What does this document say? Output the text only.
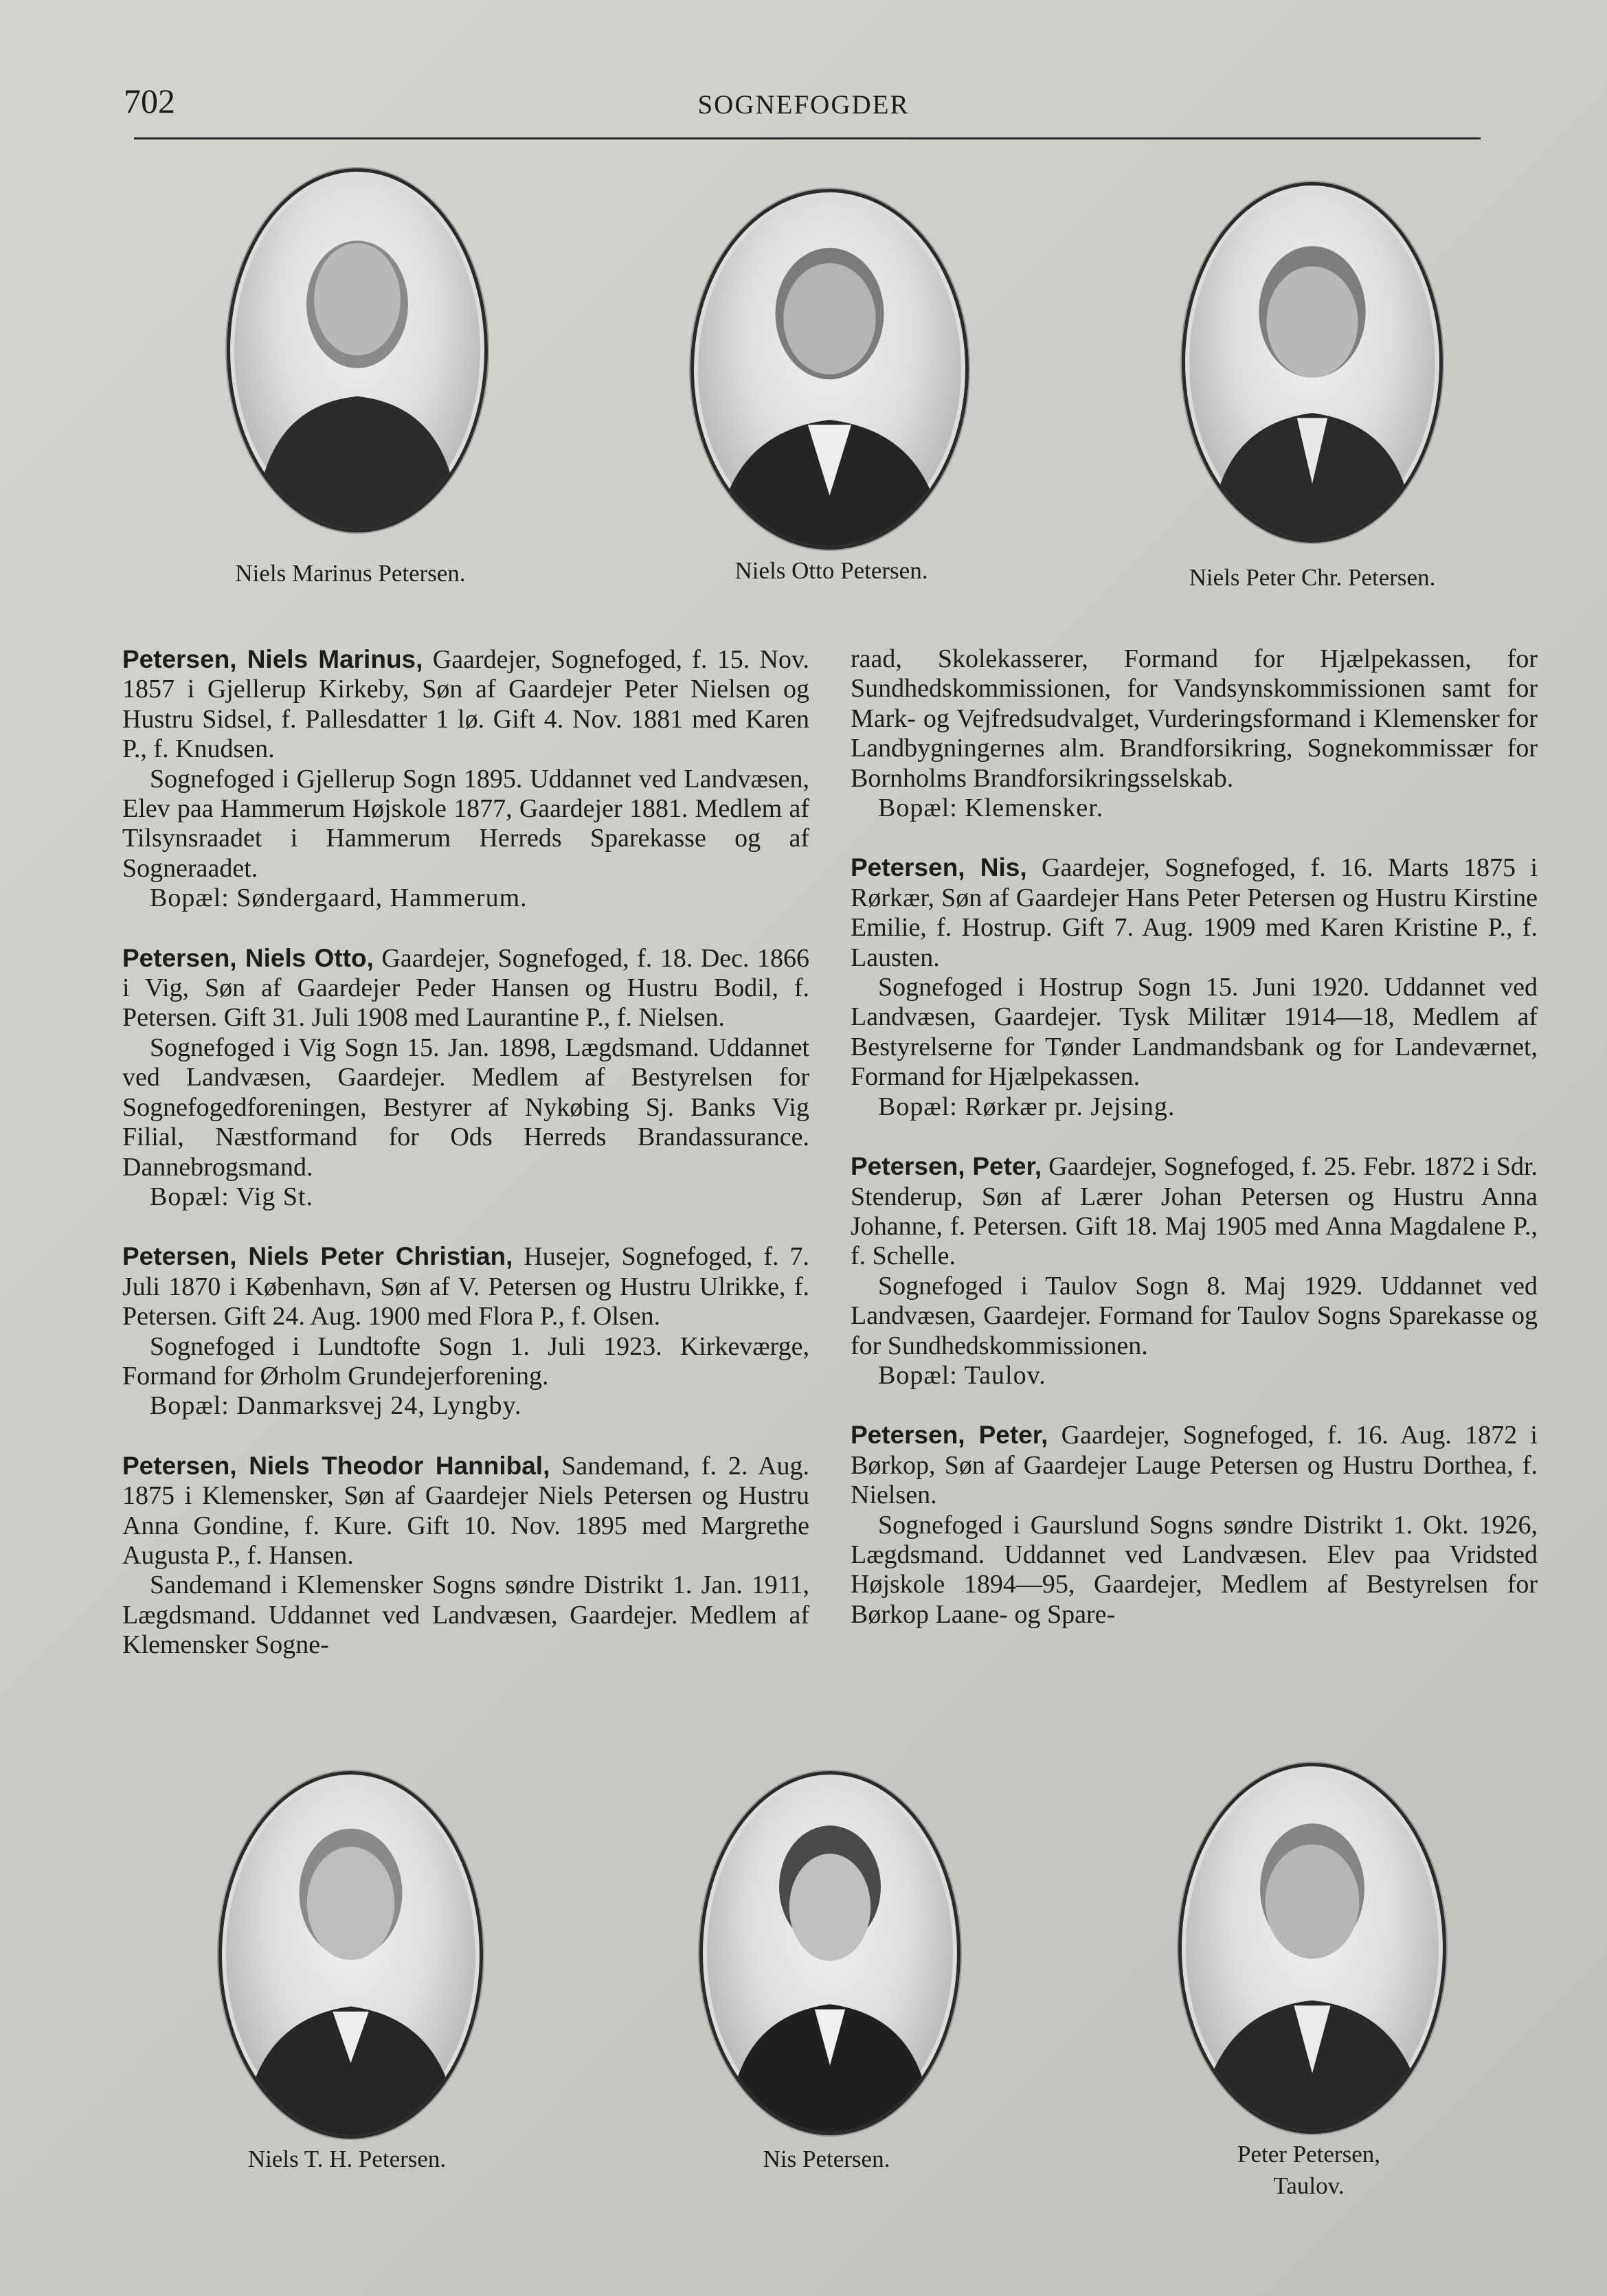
702	SOGNEFOGDER
Niels Marinus Petersen.	Niels Otto Petersen.	Niels Peter Chr. Petersen.

Petersen, Niels Marinus, Gaardejer, Sognefoged, f. 15. Nov. 1857 i Gjellerup Kirkeby, Søn af Gaardejer Peter Nielsen og Hustru Sidsel, f. Pallesdatter 1 lø. Gift 4. Nov. 1881 med Karen P., f. Knudsen.

Sognefoged i Gjellerup Sogn 1895. Uddannet ved Landvæsen, Elev paa Hammerum Højskole 1877, Gaardejer 1881. Medlem af Tilsynsraadet i Hammerum Herreds Sparekasse og af Sogneraadet.

Bopæl: Søndergaard, Hammerum.

Petersen, Niels Otto, Gaardejer, Sognefoged, f. 18. Dec. 1866 i Vig, Søn af Gaardejer Peder Hansen og Hustru Bodil, f. Petersen. Gift 31. Juli 1908 med Laurantine P., f. Nielsen.

Sognefoged i Vig Sogn 15. Jan. 1898, Lægdsmand. Uddannet ved Landvæsen, Gaardejer. Medlem af Bestyrelsen for Sognefogedforeningen, Bestyrer af Nykøbing Sj. Banks Vig Filial, Næstformand for Ods Herreds Brandassurance. Dannebrogsmand.

Bopæl: Vig St.

Petersen, Niels Peter Christian, Husejer, Sognefoged, f. 7. Juli 1870 i København, Søn af V. Petersen og Hustru Ulrikke, f. Petersen. Gift 24. Aug. 1900 med Flora P., f. Olsen.

Sognefoged i Lundtofte Sogn 1. Juli 1923. Kirkeværge, Formand for Ørholm Grundejerforening.

Bopæl: Danmarksvej 24, Lyngby.

Petersen, Niels Theodor Hannibal, Sandemand, f. 2. Aug. 1875 i Klemensker, Søn af Gaardejer Niels Petersen og Hustru Anna Gondine, f. Kure. Gift 10. Nov. 1895 med Margrethe Augusta P., f. Hansen.

Sandemand i Klemensker Sogns søndre Distrikt 1. Jan. 1911, Lægdsmand. Uddannet ved Landvæsen, Gaardejer. Medlem af Klemensker Sogne-

raad, Skolekasserer, Formand for Hjælpekassen, for Sundhedskommissionen, for Vandsynskommissionen samt for Mark- og Vejfredsudvalget, Vurderingsformand i Klemensker for Landbygningernes alm. Brandforsikring, Sognekommissær for Bornholms Brandforsikringsselskab.

Bopæl: Klemensker.

Petersen, Nis, Gaardejer, Sognefoged, f. 16. Marts 1875 i Rørkær, Søn af Gaardejer Hans Peter Petersen og Hustru Kirstine Emilie, f. Hostrup. Gift 7. Aug. 1909 med Karen Kristine P., f. Lausten.

Sognefoged i Hostrup Sogn 15. Juni 1920. Uddannet ved Landvæsen, Gaardejer. Tysk Militær 1914—18, Medlem af Bestyrelserne for Tønder Landmandsbank og for Landeværnet, Formand for Hjælpekassen.

Bopæl: Rørkær pr. Jejsing.

Petersen, Peter, Gaardejer, Sognefoged, f. 25. Febr. 1872 i Sdr. Stenderup, Søn af Lærer Johan Petersen og Hustru Anna Johanne, f. Petersen. Gift 18. Maj 1905 med Anna Magdalene P., f. Schelle.

Sognefoged i Taulov Sogn 8. Maj 1929. Uddannet ved Landvæsen, Gaardejer. Formand for Taulov Sogns Sparekasse og for Sundhedskommissionen.

Bopæl: Taulov.

Petersen, Peter, Gaardejer, Sognefoged, f. 16. Aug. 1872 i Børkop, Søn af Gaardejer Lauge Petersen og Hustru Dorthea, f. Nielsen.

Sognefoged i Gaurslund Sogns søndre Distrikt 1. Okt. 1926, Lægdsmand. Uddannet ved Landvæsen. Elev paa Vridsted Højskole 1894—95, Gaardejer, Medlem af Bestyrelsen for Børkop Laane- og Spare-

Niels T. H. Petersen.	Nis Petersen.	Peter Petersen,
Taulov.
